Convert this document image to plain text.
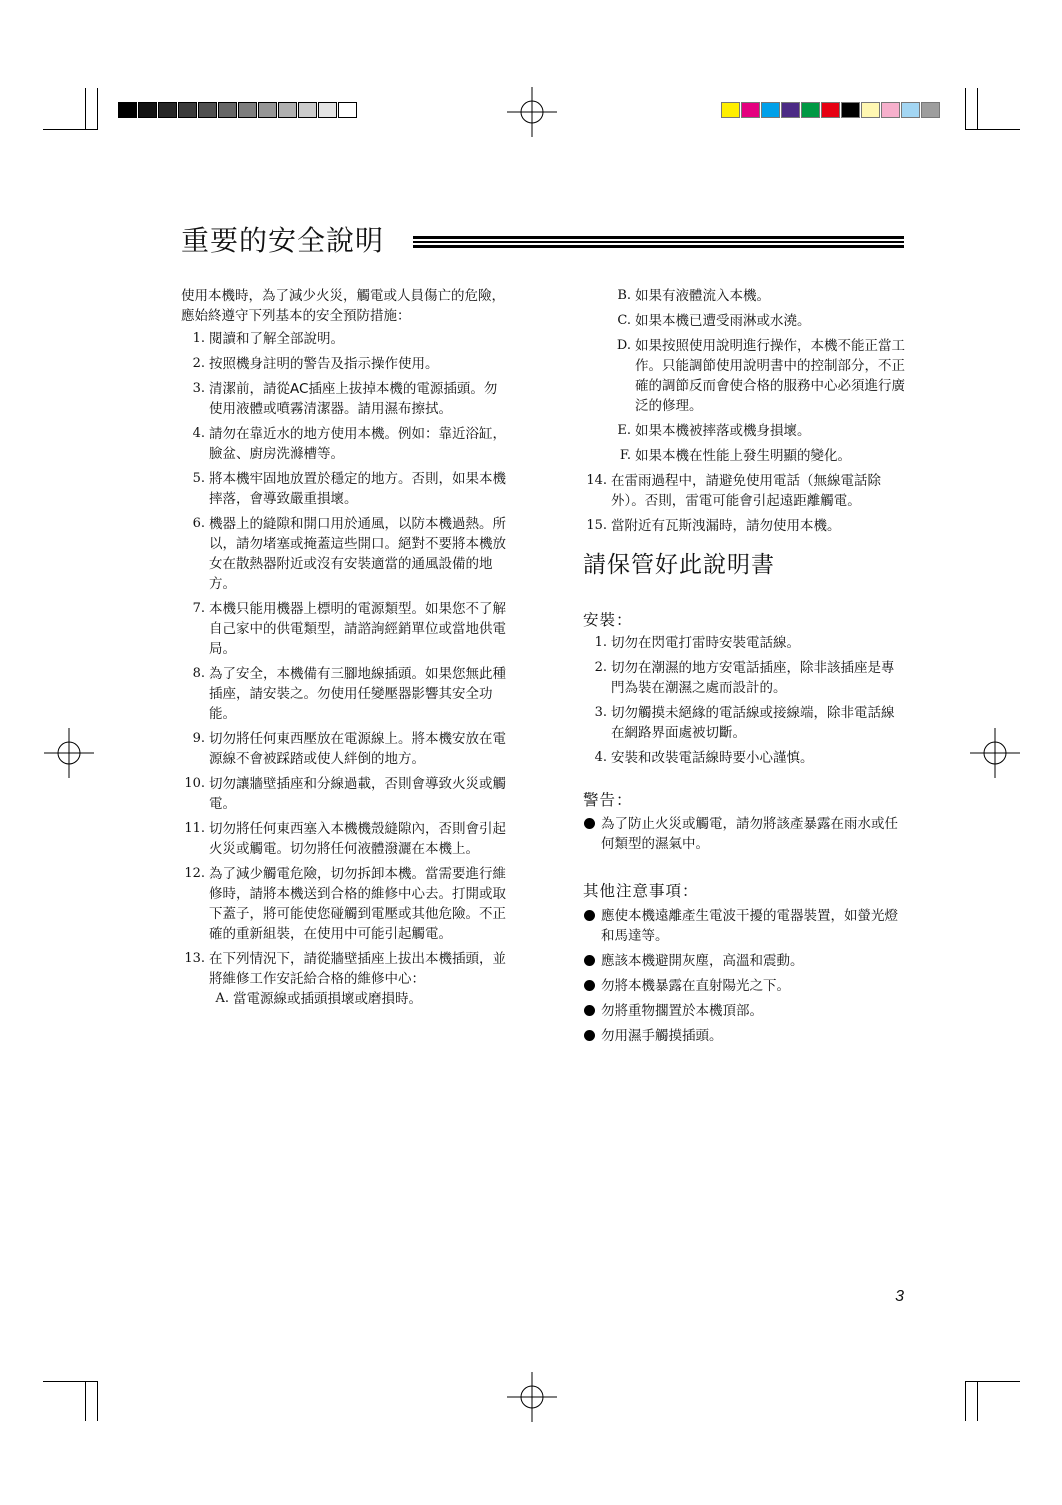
重要的安全說明

使用本機時，為了減少火災，觸電或人員傷亡的危險，應始終遵守下列基本的安全預防措施：

1. 閱讀和了解全部說明。
2. 按照機身註明的警告及指示操作使用。
3. 清潔前，請從AC插座上拔掉本機的電源插頭。勿使用液體或噴霧清潔器。請用濕布擦拭。
4. 請勿在靠近水的地方使用本機。例如：靠近浴缸，臉盆、廚房洗滌槽等。
5. 將本機牢固地放置於穩定的地方。否則，如果本機摔落，會導致嚴重損壞。
6. 機器上的縫隙和開口用於通風，以防本機過熱。所以，請勿堵塞或掩蓋這些開口。絕對不要將本機放女在散熱器附近或沒有安裝適當的通風設備的地方。
7. 本機只能用機器上標明的電源類型。如果您不了解自己家中的供電類型，請諮詢經銷單位或當地供電局。
8. 為了安全，本機備有三腳地線插頭。如果您無此種插座，請安裝之。勿使用任變壓器影響其安全功能。
9. 切勿將任何東西壓放在電源線上。將本機安放在電源線不會被踩踏或使人絆倒的地方。
10. 切勿讓牆壁插座和分線過載，否則會導致火災或觸電。
11. 切勿將任何東西塞入本機機殼縫隙內，否則會引起火災或觸電。切勿將任何液體潑灑在本機上。
12. 為了減少觸電危險，切勿拆卸本機。當需要進行維修時，請將本機送到合格的維修中心去。打開或取下蓋子，將可能使您碰觸到電壓或其他危險。不正確的重新組裝，在使用中可能引起觸電。
13. 在下列情況下，請從牆壁插座上拔出本機插頭，並將維修工作安託給合格的維修中心：
A. 當電源線或插頭損壞或磨損時。
B. 如果有液體流入本機。
C. 如果本機已遭受雨淋或水澆。
D. 如果按照使用說明進行操作，本機不能正當工作。只能調節使用說明書中的控制部分，不正確的調節反而會使合格的服務中心必須進行廣泛的修理。
E. 如果本機被摔落或機身損壞。
F. 如果本機在性能上發生明顯的變化。
14. 在雷雨過程中，請避免使用電話（無線電話除外）。否則，雷電可能會引起遠距離觸電。
15. 當附近有瓦斯洩漏時，請勿使用本機。
請保管好此說明書
安裝：
1. 切勿在閃電打雷時安裝電話線。
2. 切勿在潮濕的地方安電話插座，除非該插座是專門為裝在潮濕之處而設計的。
3. 切勿觸摸未絕緣的電話線或接線端，除非電話線在網路界面處被切斷。
4. 安裝和改裝電話線時要小心謹慎。
警告：
為了防止火災或觸電，請勿將該產暴露在雨水或任何類型的濕氣中。
其他注意事項：
應使本機遠離產生電波干擾的電器裝置，如螢光燈和馬達等。
應該本機避開灰塵，高溫和震動。
勿將本機暴露在直射陽光之下。
勿將重物擱置於本機頂部。
勿用濕手觸摸插頭。
3
